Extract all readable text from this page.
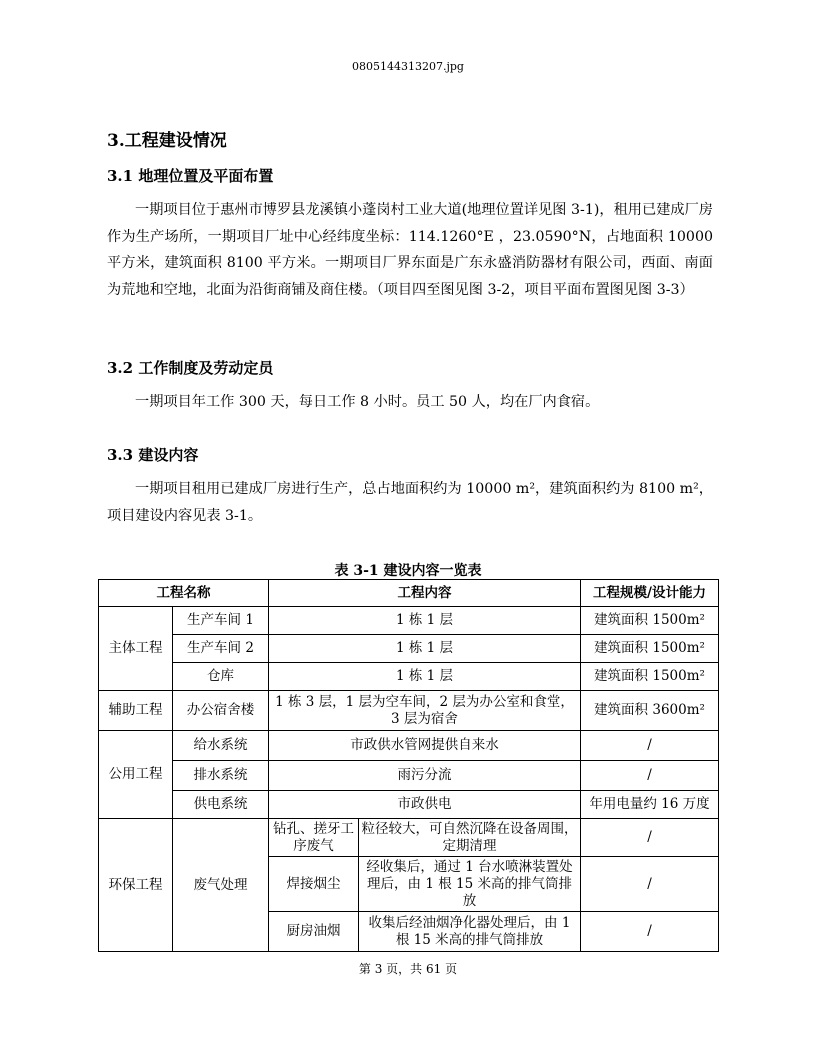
0805144313207.jpg
3.工程建设情况
3.1 地理位置及平面布置

一期项目位于惠州市博罗县龙溪镇小蓬岗村工业大道(地理位置详见图 3-1)，租用已建成厂房作为生产场所，一期项目厂址中心经纬度坐标：114.1260°E ，23.0590°N，占地面积 10000 平方米，建筑面积 8100 平方米。一期项目厂界东面是广东永盛消防器材有限公司，西面、南面为荒地和空地，北面为沿街商铺及商住楼。（项目四至图见图 3-2，项目平面布置图见图 3-3）

3.2 工作制度及劳动定员

一期项目年工作 300 天，每日工作 8 小时。员工 50 人，均在厂内食宿。

3.3 建设内容

一期项目租用已建成厂房进行生产，总占地面积约为 10000 m²，建筑面积约为 8100 m²，项目建设内容见表 3-1。

表 3-1 建设内容一览表
工程名称		工程内容		工程规模/设计能力
主体工程	生产车间 1	1 栋 1 层		建筑面积 1500m²
	生产车间 2	1 栋 1 层		建筑面积 1500m²
	仓库	1 栋 1 层		建筑面积 1500m²
辅助工程	办公宿舍楼	1 栋 3 层，1 层为空车间，2 层为办公室和食堂，3 层为宿舍		建筑面积 3600m²
公用工程	给水系统	市政供水管网提供自来水		/
	排水系统	雨污分流		/
	供电系统	市政供电		年用电量约 16 万度
环保工程	废气处理	钻孔、搓牙工序废气	粒径较大，可自然沉降在设备周围，定期清理	/
		焊接烟尘	经收集后，通过 1 台水喷淋装置处理后，由 1 根 15 米高的排气筒排放	/
		厨房油烟	收集后经油烟净化器处理后，由 1 根 15 米高的排气筒排放	/
第 3 页，共 61 页
